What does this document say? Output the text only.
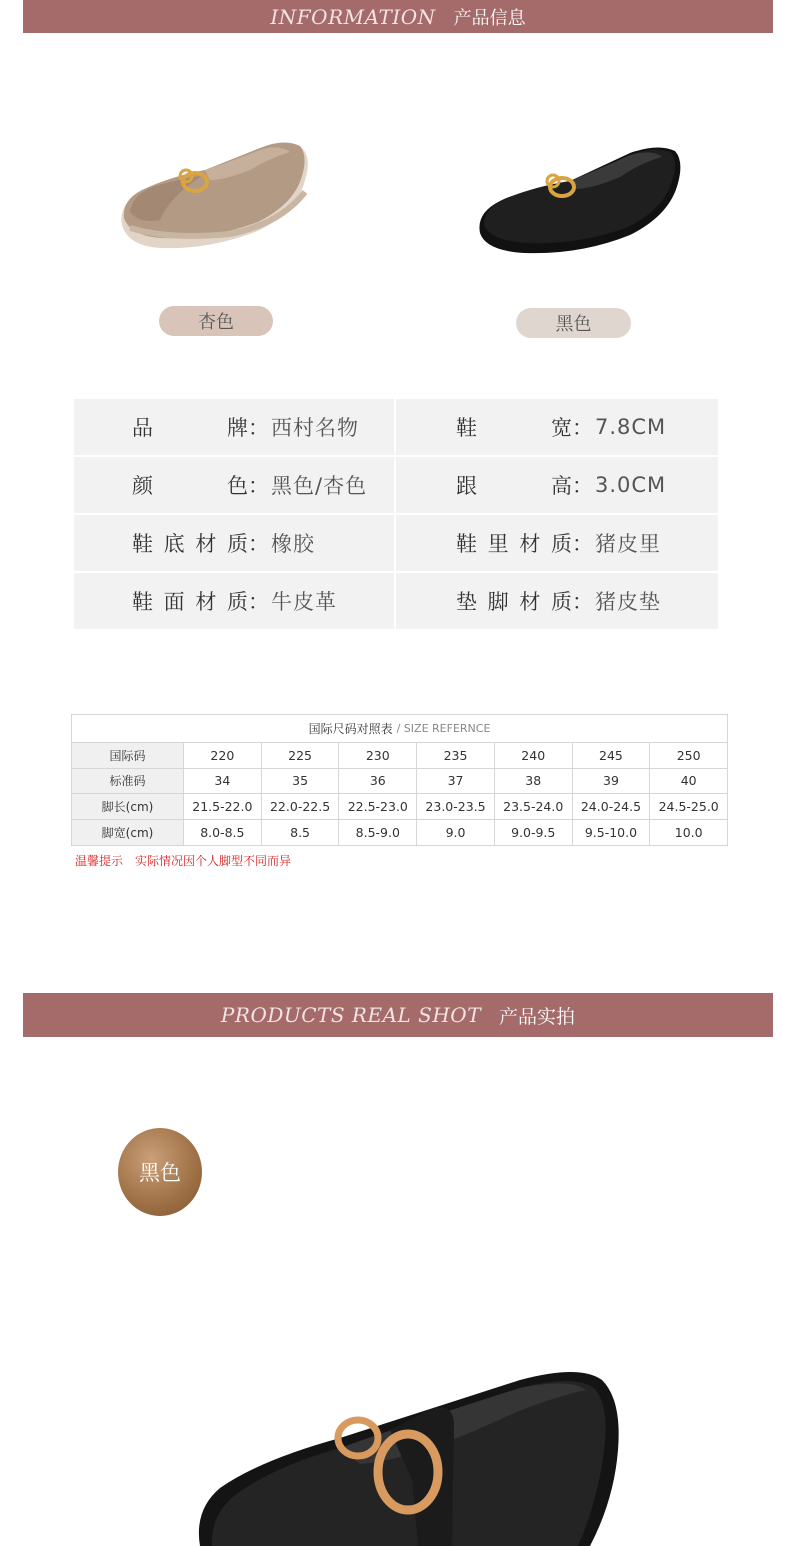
INFORMATION 产品信息
杏色	黑色
品牌 ： 西村名物	鞋宽 ： 7.8CM
颜色 ： 黑色/杏色	跟高 ： 3.0CM
鞋底材质 ： 橡胶	鞋里材质 ： 猪皮里
鞋面材质 ： 牛皮革	垫脚材质 ： 猪皮垫
国际尺码对照表 / SIZE REFERNCE
国际码	220	225	230	235	240	245	250
标准码	34	35	36	37	38	39	40
脚长(cm)	21.5-22.0	22.0-22.5	22.5-23.0	23.0-23.5	23.5-24.0	24.0-24.5	24.5-25.0
脚宽(cm)	8.0-8.5	8.5	8.5-9.0	9.0	9.0-9.5	9.5-10.0	10.0
温馨提示 实际情况因个人脚型不同而异
PRODUCTS REAL SHOT 产品实拍
黑色
